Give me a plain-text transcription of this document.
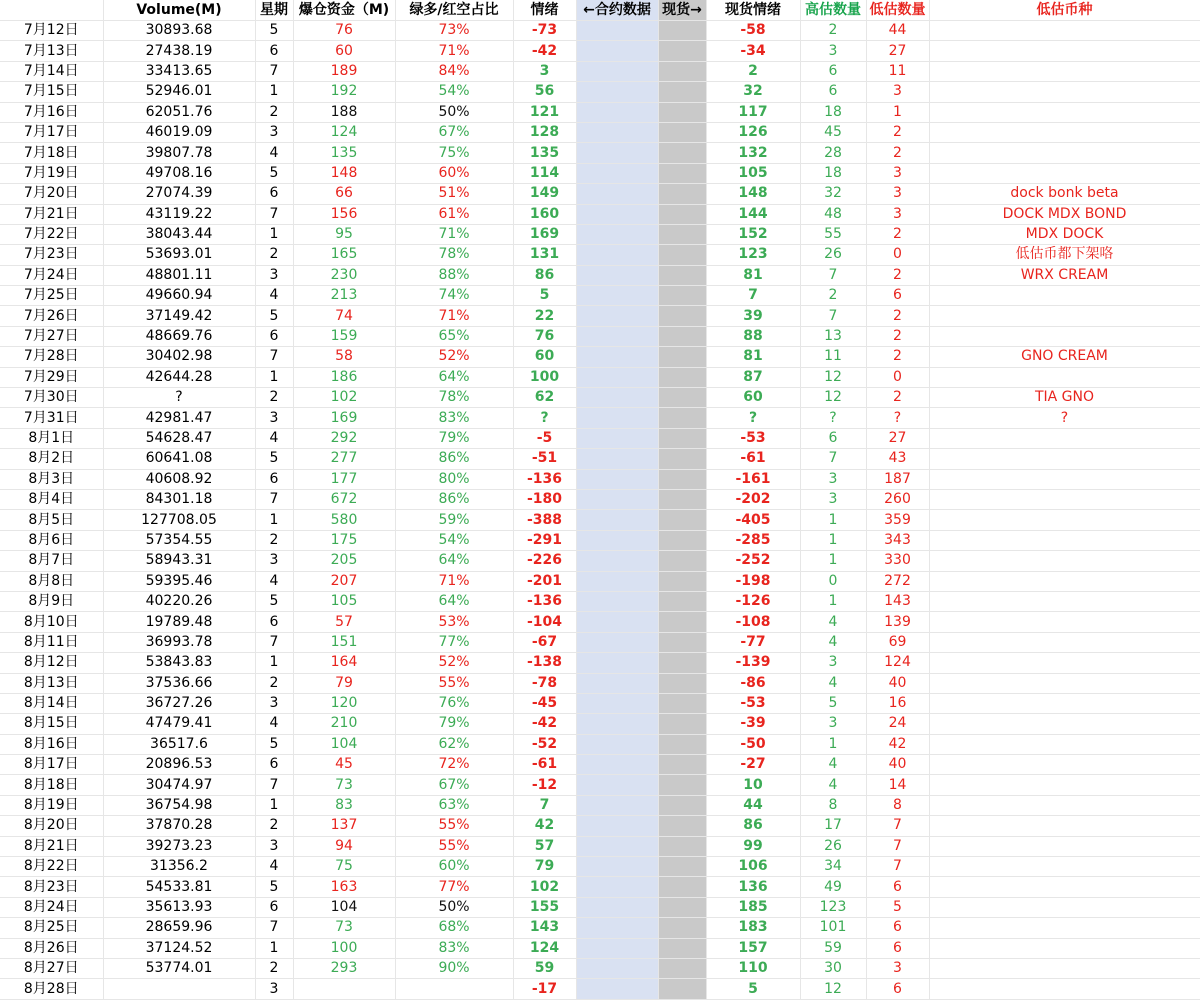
	Volume(M)	星期	爆仓资金（M)	绿多/红空占比	情绪	←合约数据	现货→	现货情绪	高估数量	低估数量	低估币种
7月12日	30893.68	5	76	73%	-73			-58	2	44	
7月13日	27438.19	6	60	71%	-42			-34	3	27	
7月14日	33413.65	7	189	84%	3			2	6	11	
7月15日	52946.01	1	192	54%	56			32	6	3	
7月16日	62051.76	2	188	50%	121			117	18	1	
7月17日	46019.09	3	124	67%	128			126	45	2	
7月18日	39807.78	4	135	75%	135			132	28	2	
7月19日	49708.16	5	148	60%	114			105	18	3	
7月20日	27074.39	6	66	51%	149			148	32	3	dock bonk beta
7月21日	43119.22	7	156	61%	160			144	48	3	DOCK MDX BOND
7月22日	38043.44	1	95	71%	169			152	55	2	MDX DOCK
7月23日	53693.01	2	165	78%	131			123	26	0	低估币都下架咯
7月24日	48801.11	3	230	88%	86			81	7	2	WRX CREAM
7月25日	49660.94	4	213	74%	5			7	2	6	
7月26日	37149.42	5	74	71%	22			39	7	2	
7月27日	48669.76	6	159	65%	76			88	13	2	
7月28日	30402.98	7	58	52%	60			81	11	2	GNO CREAM
7月29日	42644.28	1	186	64%	100			87	12	0	
7月30日	?	2	102	78%	62			60	12	2	TIA GNO
7月31日	42981.47	3	169	83%	?			?	?	?	?
8月1日	54628.47	4	292	79%	-5			-53	6	27	
8月2日	60641.08	5	277	86%	-51			-61	7	43	
8月3日	40608.92	6	177	80%	-136			-161	3	187	
8月4日	84301.18	7	672	86%	-180			-202	3	260	
8月5日	127708.05	1	580	59%	-388			-405	1	359	
8月6日	57354.55	2	175	54%	-291			-285	1	343	
8月7日	58943.31	3	205	64%	-226			-252	1	330	
8月8日	59395.46	4	207	71%	-201			-198	0	272	
8月9日	40220.26	5	105	64%	-136			-126	1	143	
8月10日	19789.48	6	57	53%	-104			-108	4	139	
8月11日	36993.78	7	151	77%	-67			-77	4	69	
8月12日	53843.83	1	164	52%	-138			-139	3	124	
8月13日	37536.66	2	79	55%	-78			-86	4	40	
8月14日	36727.26	3	120	76%	-45			-53	5	16	
8月15日	47479.41	4	210	79%	-42			-39	3	24	
8月16日	36517.6	5	104	62%	-52			-50	1	42	
8月17日	20896.53	6	45	72%	-61			-27	4	40	
8月18日	30474.97	7	73	67%	-12			10	4	14	
8月19日	36754.98	1	83	63%	7			44	8	8	
8月20日	37870.28	2	137	55%	42			86	17	7	
8月21日	39273.23	3	94	55%	57			99	26	7	
8月22日	31356.2	4	75	60%	79			106	34	7	
8月23日	54533.81	5	163	77%	102			136	49	6	
8月24日	35613.93	6	104	50%	155			185	123	5	
8月25日	28659.96	7	73	68%	143			183	101	6	
8月26日	37124.52	1	100	83%	124			157	59	6	
8月27日	53774.01	2	293	90%	59			110	30	3	
8月28日		3			-17			5	12	6	
